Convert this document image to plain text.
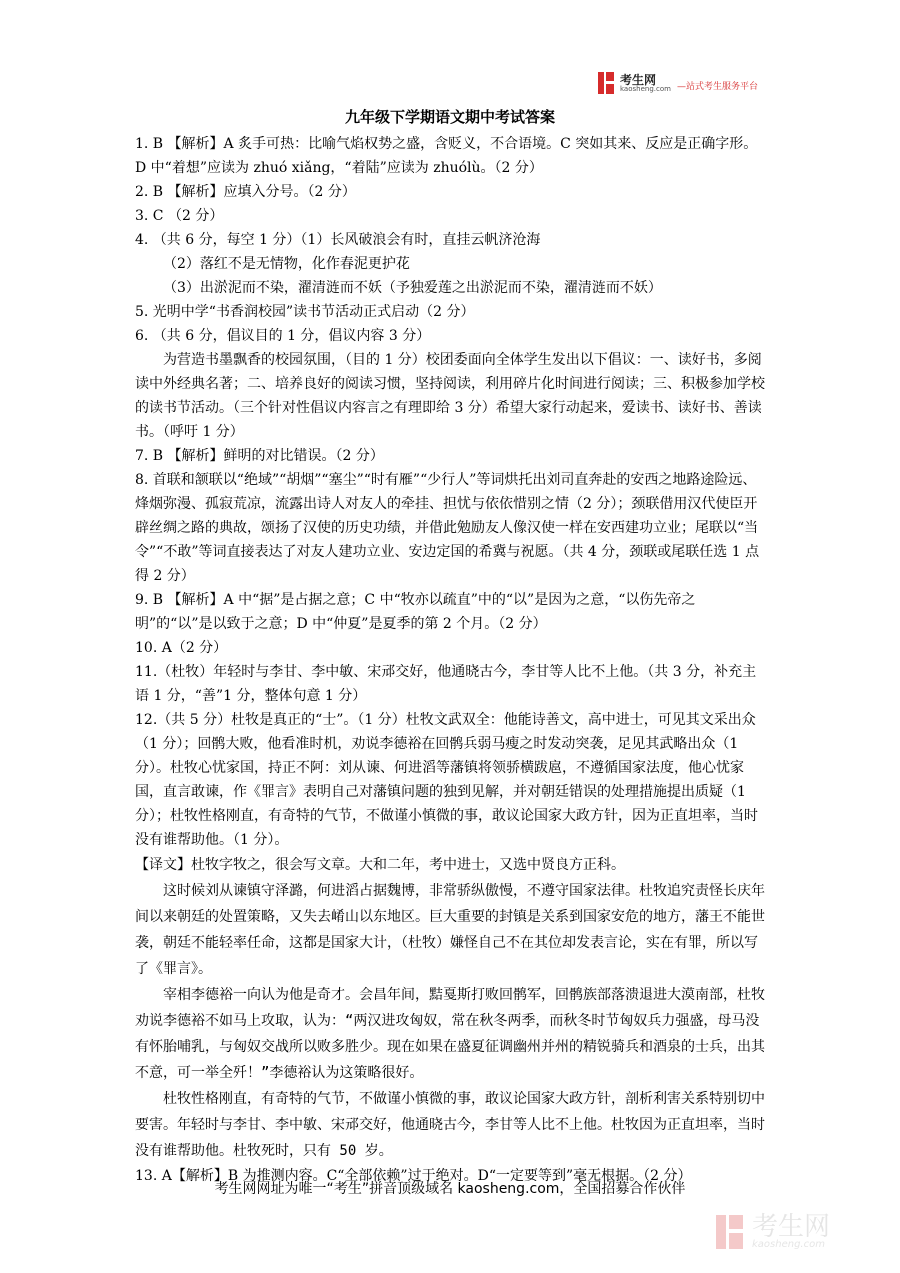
考生网
kaosheng.com —站式考生服务平台
九年级下学期语文期中考试答案

1. B 【解析】A 炙手可热：比喻气焰权势之盛，含贬义，不合语境。C 突如其来、反应是正确字形。D 中“着想”应读为 zhuó xiǎng，“着陆”应读为 zhuólù。（2 分）

2. B 【解析】应填入分号。（2 分）

3. C （2 分）

4. （共 6 分，每空 1 分）（1）长风破浪会有时，直挂云帆济沧海

（2）落红不是无情物，化作春泥更护花

（3）出淤泥而不染，濯清涟而不妖（予独爱莲之出淤泥而不染，濯清涟而不妖）

5. 光明中学“书香润校园”读书节活动正式启动（2 分）

6. （共 6 分，倡议目的 1 分，倡议内容 3 分）

为营造书墨飘香的校园氛围，（目的 1 分）校团委面向全体学生发出以下倡议：一、读好书，多阅读中外经典名著；二、培养良好的阅读习惯，坚持阅读，利用碎片化时间进行阅读；三、积极参加学校的读书节活动。（三个针对性倡议内容言之有理即给 3 分）希望大家行动起来，爱读书、读好书、善读书。（呼吁 1 分）

7. B 【解析】鲜明的对比错误。（2 分）

8. 首联和颔联以“绝域”“胡烟”“塞尘”“时有雁”“少行人”等词烘托出刘司直奔赴的安西之地路途险远、烽烟弥漫、孤寂荒凉，流露出诗人对友人的牵挂、担忧与依依惜别之情（2 分）；颈联借用汉代使臣开辟丝绸之路的典故，颂扬了汉使的历史功绩，并借此勉励友人像汉使一样在安西建功立业；尾联以“当令”“不敢”等词直接表达了对友人建功立业、安边定国的希冀与祝愿。（共 4 分，颈联或尾联任选 1 点得 2 分）

9. B 【解析】A 中“据”是占据之意；C 中“牧亦以疏直”中的“以”是因为之意，“以伤先帝之明”的“以”是以致于之意；D 中“仲夏”是夏季的第 2 个月。（2 分）

10. A（2 分）

11.（杜牧）年轻时与李甘、李中敏、宋邧交好，他通晓古今，李甘等人比不上他。（共 3 分，补充主语 1 分，“善”1 分，整体句意 1 分）

12.（共 5 分）杜牧是真正的“士”。（1 分）杜牧文武双全：他能诗善文，高中进士，可见其文采出众（1 分）；回鹘大败，他看准时机，劝说李德裕在回鹘兵弱马瘦之时发动突袭，足见其武略出众（1 分）。杜牧心忧家国，持正不阿：刘从谏、何进滔等藩镇将领骄横跋扈，不遵循国家法度，他心忧家国，直言敢谏，作《罪言》表明自己对藩镇问题的独到见解，并对朝廷错误的处理措施提出质疑（1 分）；杜牧性格刚直，有奇特的气节，不做谨小慎微的事，敢议论国家大政方针，因为正直坦率，当时没有谁帮助他。（1 分）。

【译文】杜牧字牧之，很会写文章。大和二年，考中进士，又选中贤良方正科。

这时候刘从谏镇守泽潞，何进滔占据魏博，非常骄纵傲慢，不遵守国家法律。杜牧追究责怪长庆年间以来朝廷的处置策略，又失去崤山以东地区。巨大重要的封镇是关系到国家安危的地方，藩王不能世袭，朝廷不能轻率任命，这都是国家大计，（杜牧）嫌怪自己不在其位却发表言论，实在有罪，所以写了《罪言》。

宰相李德裕一向认为他是奇才。会昌年间，黠戛斯打败回鹘军，回鹘族部落溃退进大漠南部，杜牧劝说李德裕不如马上攻取，认为：“两汉进攻匈奴，常在秋冬两季，而秋冬时节匈奴兵力强盛，母马没有怀胎哺乳，与匈奴交战所以败多胜少。现在如果在盛夏征调幽州并州的精锐骑兵和酒泉的士兵，出其不意，可一举全歼！”李德裕认为这策略很好。

杜牧性格刚直，有奇特的气节，不做谨小慎微的事，敢议论国家大政方针，剖析利害关系特别切中要害。年轻时与李甘、李中敏、宋邧交好，他通晓古今，李甘等人比不上他。杜牧因为正直坦率，当时没有谁帮助他。杜牧死时，只有 50 岁。

13. A【解析】B 为推测内容。C“全部依赖”过于绝对。D“一定要等到”毫无根据。（2 分）

考生网网址为唯一“考生”拼音顶级域名 kaosheng.com，全国招募合作伙伴
考生网
kaosheng.com
